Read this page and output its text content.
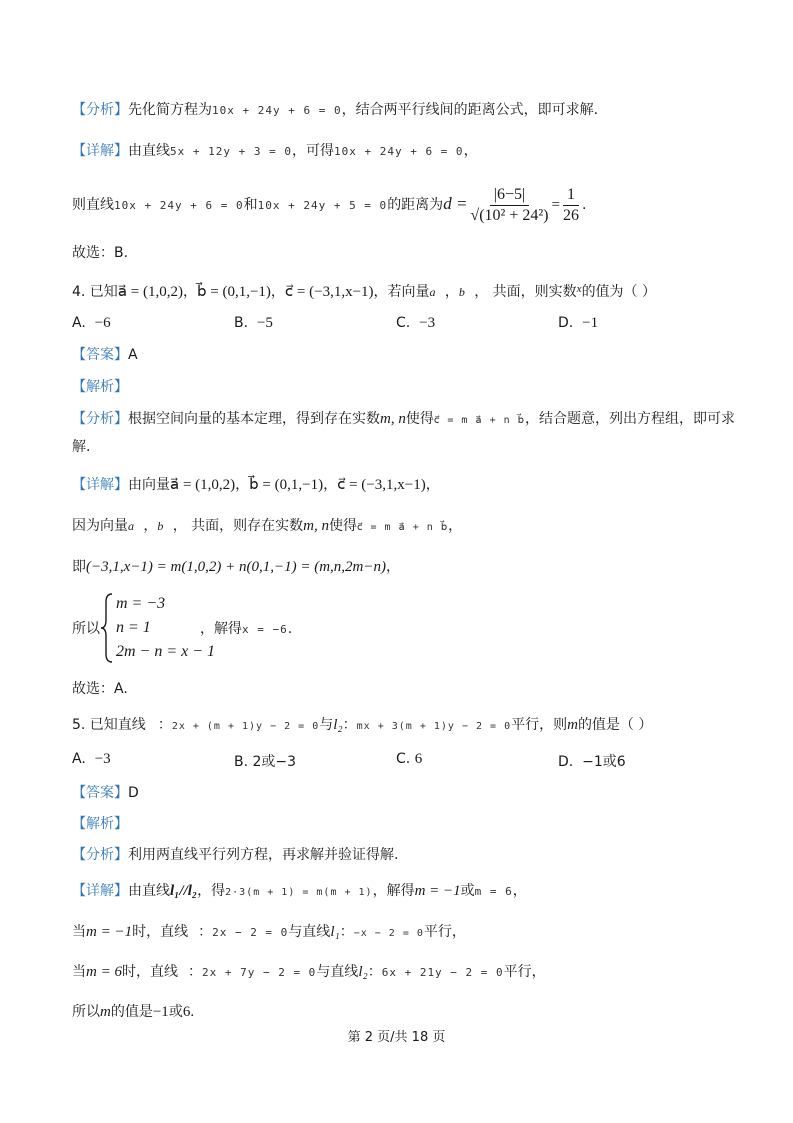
【分析】先化简方程为10x + 24y + 6 = 0，结合两平行线间的距离公式，即可求解.
【详解】由直线5x + 12y + 3 = 0，可得10x + 24y + 6 = 0，
则直线10x + 24y + 6 = 0和10x + 24y + 5 = 0的距离为$d = \frac{|6-5|}{\text{√(10² + 24²)}} = \frac{1}{26}$ .
故选：B.
4. 已知a⃗ = (1,0,2)，b⃗ = (0,1,−1)，c⃗ = (−3,1,x−1)，若向量a⃗，b⃗， 共面，则实数$^x$的值为（ ）
A. −6	B. −5	C. −3	D. −1
【答案】A
【解析】
【分析】根据空间向量的基本定理，得到存在实数m, n使得c⃗ = m a⃗ + n b⃗，结合题意，列出方程组，即可求
解.
【详解】由向量a⃗ = (1,0,2)，b⃗ = (0,1,−1)，c⃗ = (−3,1,x−1)，
因为向量a⃗，b⃗， 共面，则存在实数m, n使得c⃗ = m a⃗ + n b⃗，
即(−3,1,x−1) = m(1,0,2) + n(0,1,−1) = (m,n,2m−n)，
所以
m = −3
n = 1
2m − n = x − 1
，解得x = −6.
故选：A.
5. 已知直线 ：2x + (m + 1)y − 2 = 0与l₂：mx + 3(m + 1)y − 2 = 0平行，则m的值是（ ）
A. −3	B. 2或−3	C. 6	D. −1或6
【答案】D
【解析】
【分析】利用两直线平行列方程，再求解并验证得解.
【详解】由直线l₁//l₂，得2·3(m + 1) = m(m + 1)，解得m = −1或m = 6，
当m = −1时，直线 ：2x − 2 = 0与直线l₁：−x − 2 = 0平行，
当m = 6时，直线 ：2x + 7y − 2 = 0与直线l₂：6x + 21y − 2 = 0平行，
所以m的值是−1或6.
第 2 页/共 18 页
